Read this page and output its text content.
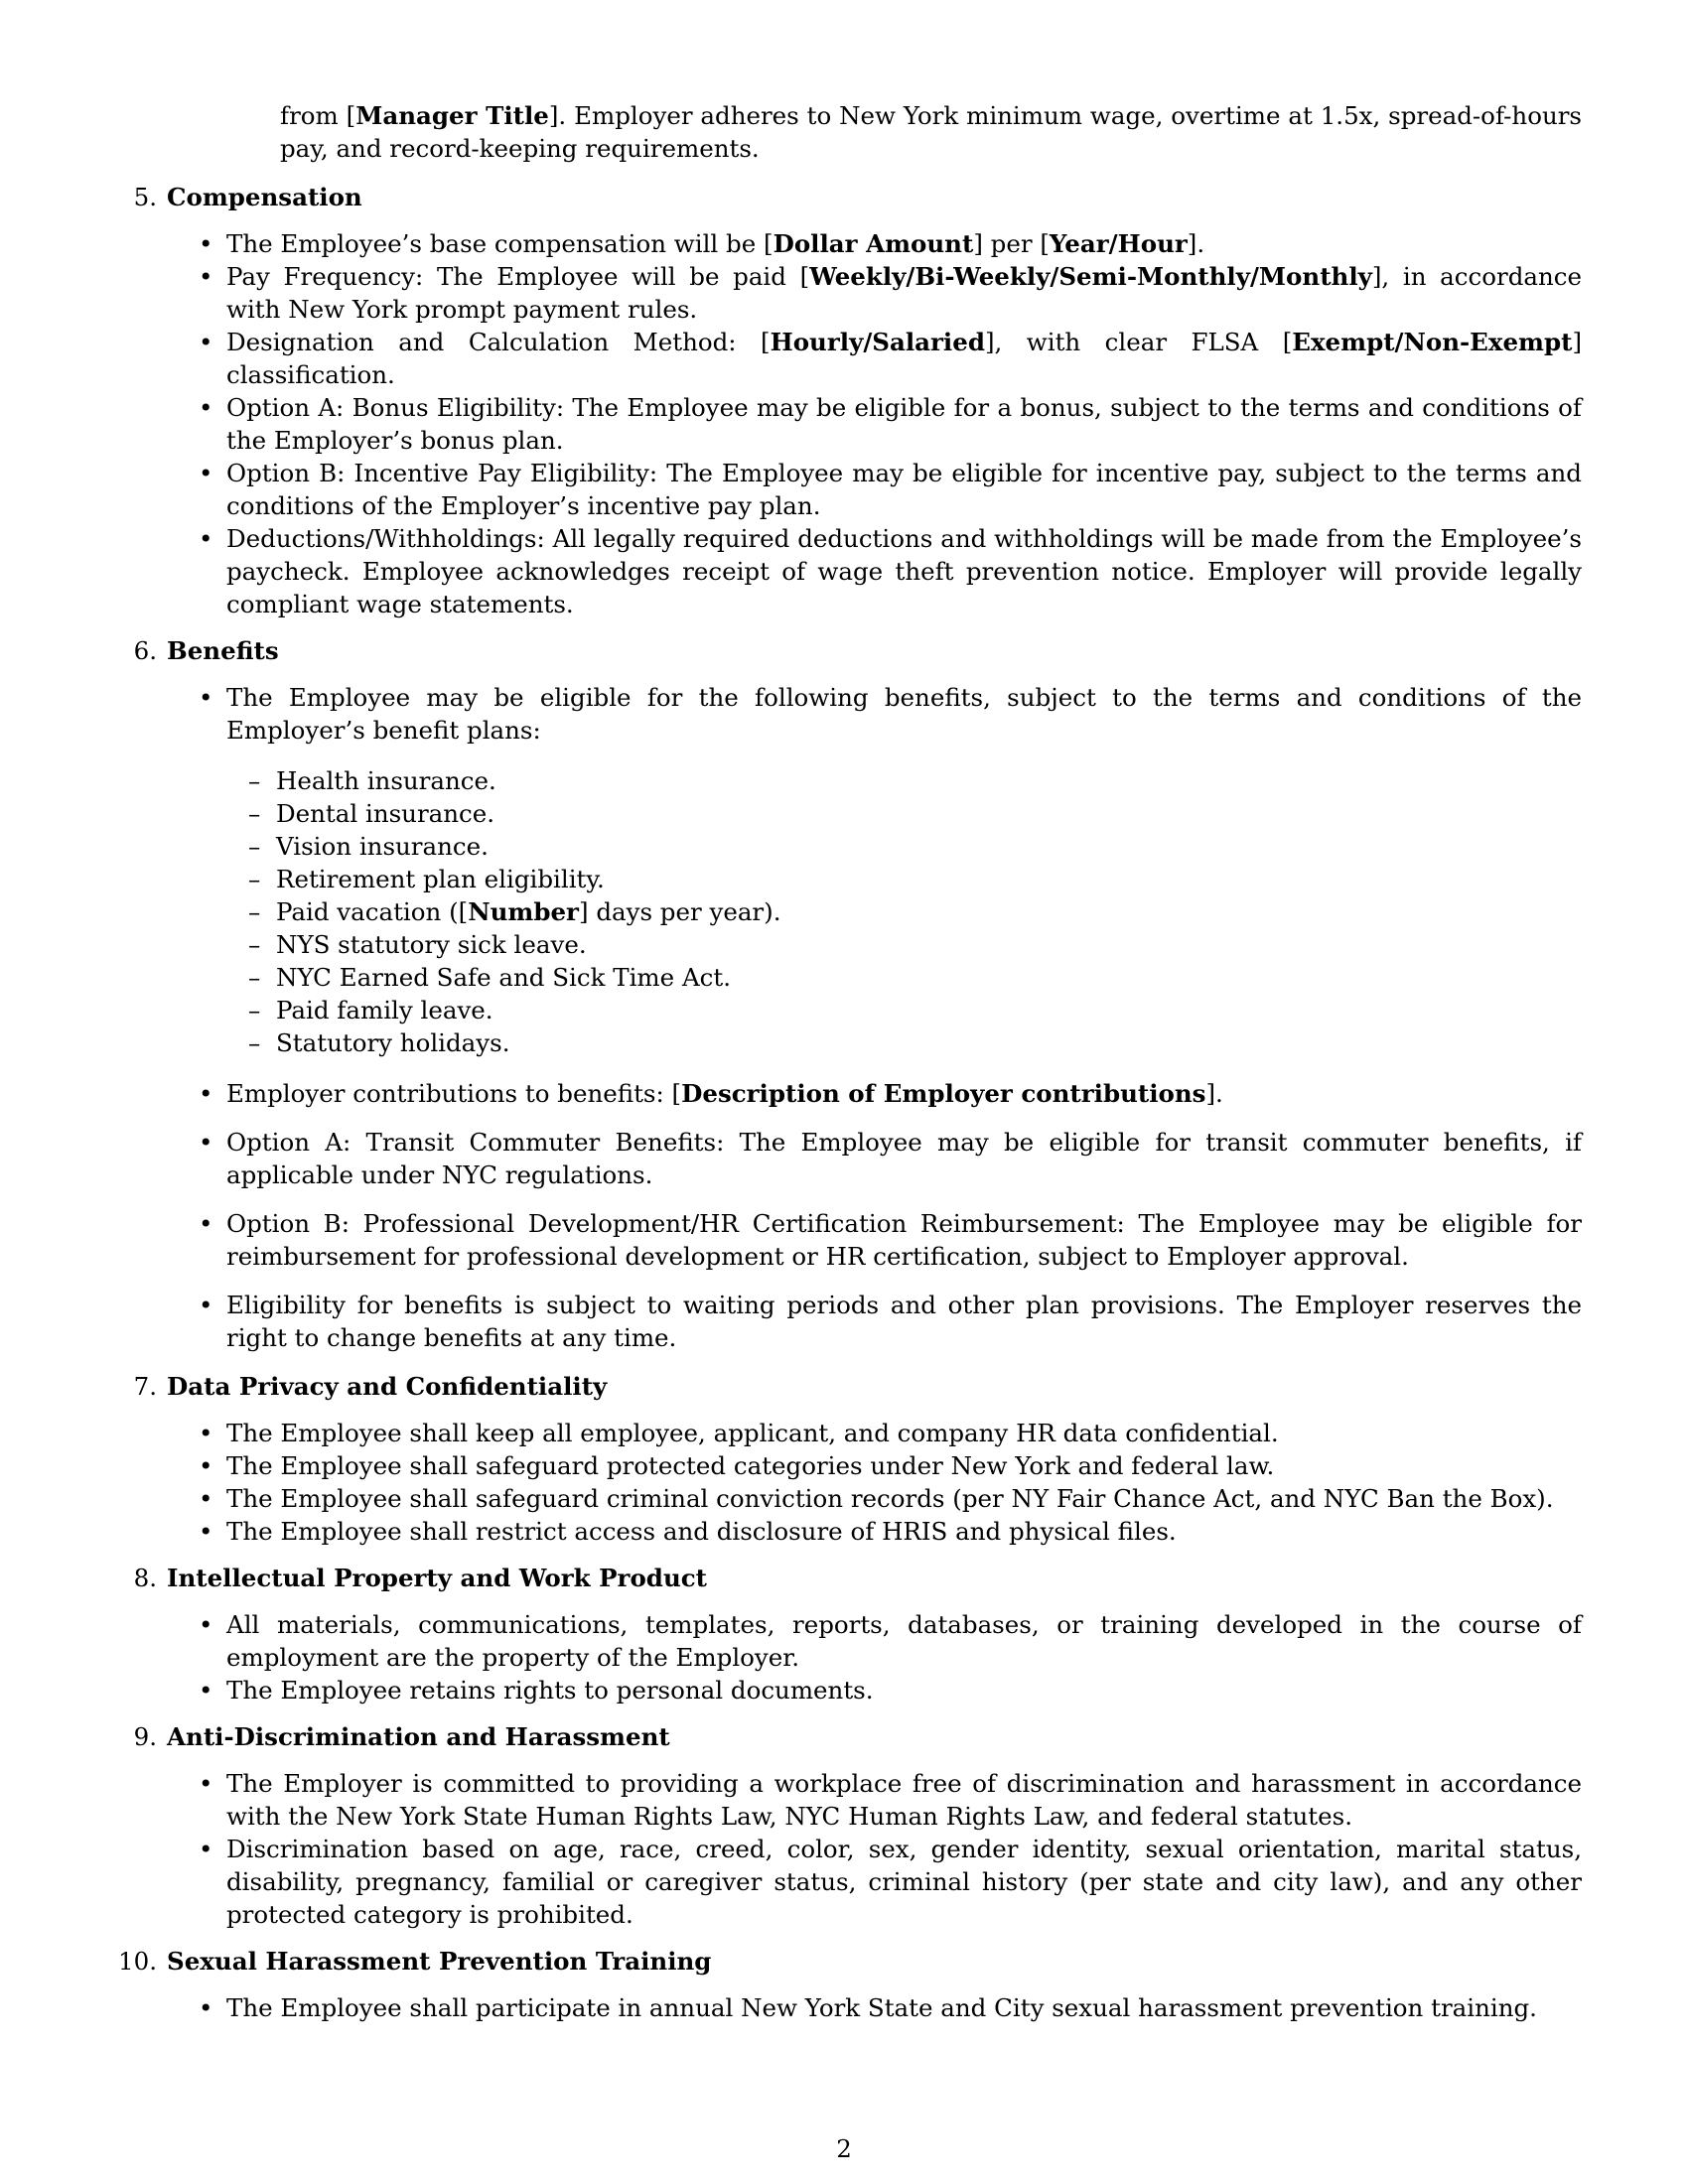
from [Manager Title]. Employer adheres to New York minimum wage, overtime at 1.5x, spread-of-hours pay, and record-keeping requirements.

5. Compensation
• The Employee’s base compensation will be [Dollar Amount] per [Year/Hour].
• Pay Frequency: The Employee will be paid [Weekly/Bi-Weekly/Semi-Monthly/Monthly], in accordance with New York prompt payment rules.
• Designation and Calculation Method: [Hourly/Salaried], with clear FLSA [Exempt/Non-Exempt] classification.
• Option A: Bonus Eligibility: The Employee may be eligible for a bonus, subject to the terms and conditions of the Employer’s bonus plan.
• Option B: Incentive Pay Eligibility: The Employee may be eligible for incentive pay, subject to the terms and conditions of the Employer’s incentive pay plan.
• Deductions/Withholdings: All legally required deductions and withholdings will be made from the Employee’s paycheck. Employee acknowledges receipt of wage theft prevention notice. Employer will provide legally compliant wage statements.
6. Benefits
• The Employee may be eligible for the following benefits, subject to the terms and conditions of the Employer’s benefit plans:
– Health insurance.
– Dental insurance.
– Vision insurance.
– Retirement plan eligibility.
– Paid vacation ([Number] days per year).
– NYS statutory sick leave.
– NYC Earned Safe and Sick Time Act.
– Paid family leave.
– Statutory holidays.
• Employer contributions to benefits: [Description of Employer contributions].
• Option A: Transit Commuter Benefits: The Employee may be eligible for transit commuter benefits, if applicable under NYC regulations.
• Option B: Professional Development/HR Certification Reimbursement: The Employee may be eligible for reimbursement for professional development or HR certification, subject to Employer approval.
• Eligibility for benefits is subject to waiting periods and other plan provisions. The Employer reserves the right to change benefits at any time.
7. Data Privacy and Confidentiality
• The Employee shall keep all employee, applicant, and company HR data confidential.
• The Employee shall safeguard protected categories under New York and federal law.
• The Employee shall safeguard criminal conviction records (per NY Fair Chance Act, and NYC Ban the Box).
• The Employee shall restrict access and disclosure of HRIS and physical files.
8. Intellectual Property and Work Product
• All materials, communications, templates, reports, databases, or training developed in the course of employment are the property of the Employer.
• The Employee retains rights to personal documents.
9. Anti-Discrimination and Harassment
• The Employer is committed to providing a workplace free of discrimination and harassment in accordance with the New York State Human Rights Law, NYC Human Rights Law, and federal statutes.
• Discrimination based on age, race, creed, color, sex, gender identity, sexual orientation, marital status, disability, pregnancy, familial or caregiver status, criminal history (per state and city law), and any other protected category is prohibited.
10. Sexual Harassment Prevention Training
• The Employee shall participate in annual New York State and City sexual harassment prevention training.
2
